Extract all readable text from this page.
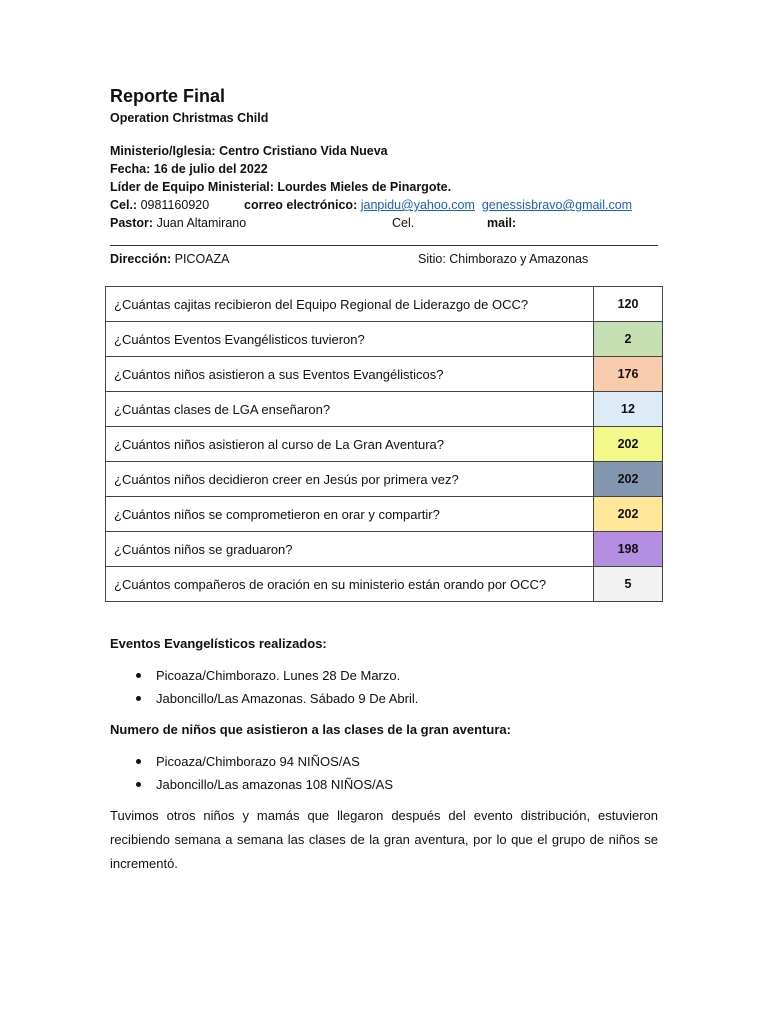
Reporte Final
Operation Christmas Child
Ministerio/Iglesia: Centro Cristiano Vida Nueva
Fecha: 16 de julio del 2022
Líder de Equipo Ministerial: Lourdes Mieles de Pinargote.
Cel.: 0981160920	correo electrónico: janpidu@yahoo.com genessisbravo@gmail.com
Pastor: Juan Altamirano	Cel.	mail:
Dirección: PICOAZA	Sitio: Chimborazo y Amazonas
¿Cuántas cajitas recibieron del Equipo Regional de Liderazgo de OCC?	120
¿Cuántos Eventos Evangélisticos tuvieron?	2
¿Cuántos niños asistieron a sus Eventos Evangélisticos?	176
¿Cuántas clases de LGA enseñaron?	12
¿Cuántos niños asistieron al curso de La Gran Aventura?	202
¿Cuántos niños decidieron creer en Jesús por primera vez?	202
¿Cuántos niños se comprometieron en orar y compartir?	202
¿Cuántos niños se graduaron?	198
¿Cuántos compañeros de oración en su ministerio están orando por OCC?	5
Eventos Evangelísticos realizados:
Picoaza/Chimborazo. Lunes 28 De Marzo.
Jaboncillo/Las Amazonas. Sábado 9 De Abril.
Numero de niños que asistieron a las clases de la gran aventura:
Picoaza/Chimborazo 94 NIÑOS/AS
Jaboncillo/Las amazonas 108 NIÑOS/AS
Tuvimos otros niños y mamás que llegaron después del evento distribución, estuvieron recibiendo semana a semana las clases de la gran aventura, por lo que el grupo de niños se incrementó.
